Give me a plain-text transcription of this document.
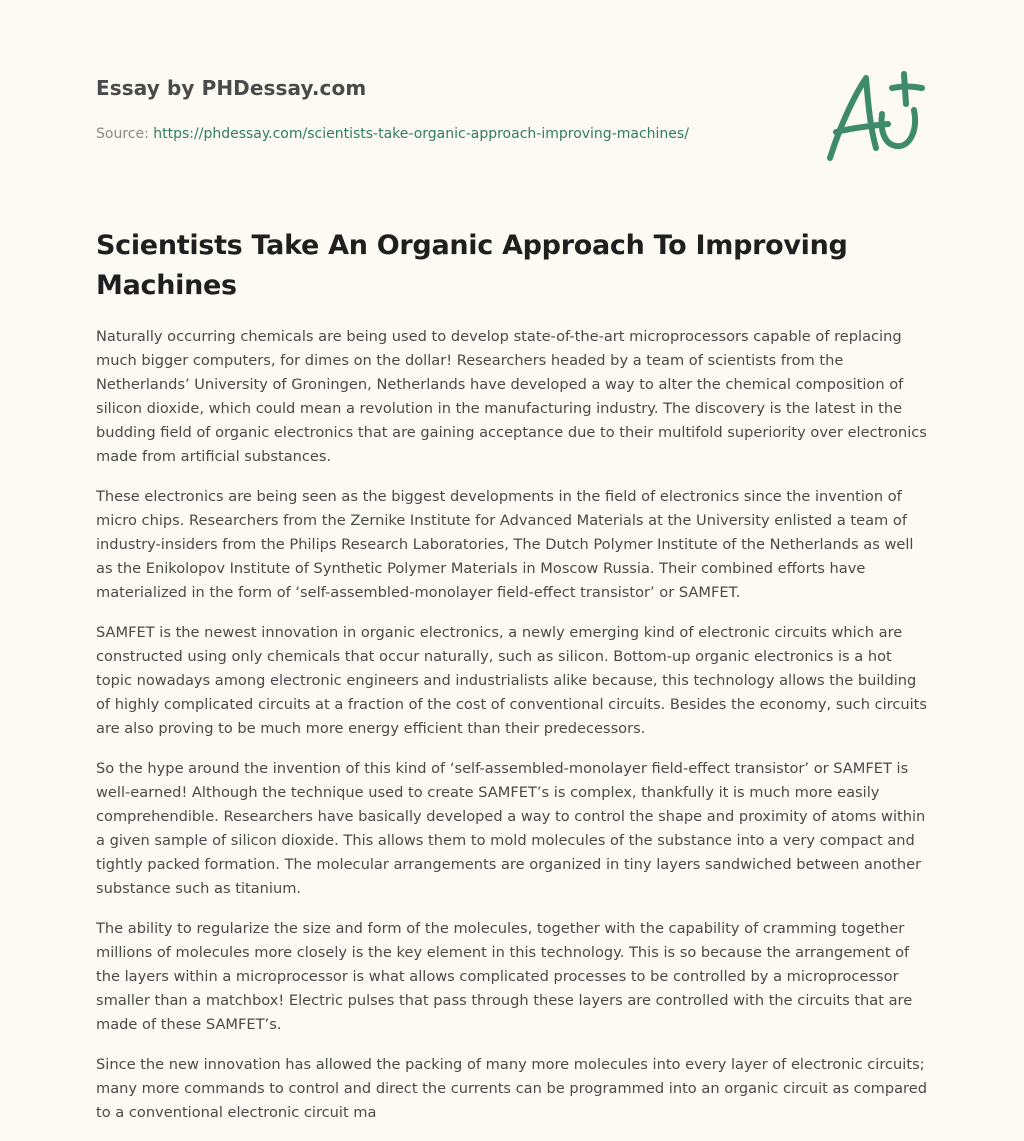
Essay by PHDessay.com
Source: https://phdessay.com/scientists-take-organic-approach-improving-machines/
Scientists Take An Organic Approach To Improving Machines

Naturally occurring chemicals are being used to develop state-of-the-art microprocessors capable of replacing much bigger computers, for dimes on the dollar! Researchers headed by a team of scientists from the Netherlands’ University of Groningen, Netherlands have developed a way to alter the chemical composition of silicon dioxide, which could mean a revolution in the manufacturing industry. The discovery is the latest in the budding field of organic electronics that are gaining acceptance due to their multifold superiority over electronics made from artificial substances.

These electronics are being seen as the biggest developments in the field of electronics since the invention of micro chips. Researchers from the Zernike Institute for Advanced Materials at the University enlisted a team of industry-insiders from the Philips Research Laboratories, The Dutch Polymer Institute of the Netherlands as well as the Enikolopov Institute of Synthetic Polymer Materials in Moscow Russia. Their combined efforts have materialized in the form of ‘self-assembled-monolayer field-effect transistor’ or SAMFET.

SAMFET is the newest innovation in organic electronics, a newly emerging kind of electronic circuits which are constructed using only chemicals that occur naturally, such as silicon. Bottom-up organic electronics is a hot topic nowadays among electronic engineers and industrialists alike because, this technology allows the building of highly complicated circuits at a fraction of the cost of conventional circuits. Besides the economy, such circuits are also proving to be much more energy efficient than their predecessors.

So the hype around the invention of this kind of ‘self-assembled-monolayer field-effect transistor’ or SAMFET is well-earned! Although the technique used to create SAMFET’s is complex, thankfully it is much more easily comprehendible. Researchers have basically developed a way to control the shape and proximity of atoms within a given sample of silicon dioxide. This allows them to mold molecules of the substance into a very compact and tightly packed formation. The molecular arrangements are organized in tiny layers sandwiched between another substance such as titanium.

The ability to regularize the size and form of the molecules, together with the capability of cramming together millions of molecules more closely is the key element in this technology. This is so because the arrangement of the layers within a microprocessor is what allows complicated processes to be controlled by a microprocessor smaller than a matchbox! Electric pulses that pass through these layers are controlled with the circuits that are made of these SAMFET’s.

Since the new innovation has allowed the packing of many more molecules into every layer of electronic circuits; many more commands to control and direct the currents can be programmed into an organic circuit as compared to a conventional electronic circuit ma
